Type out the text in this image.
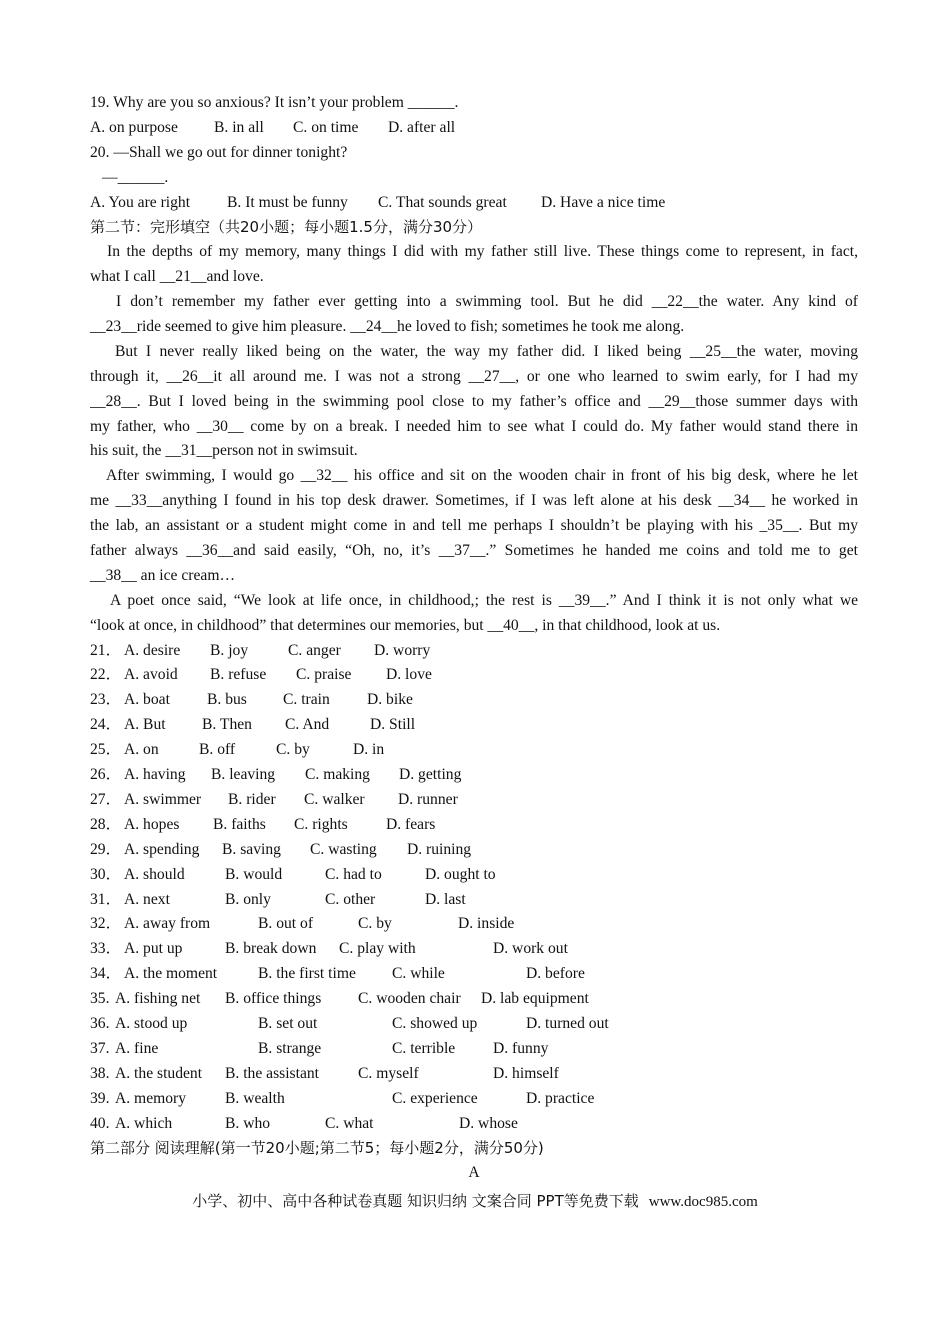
19. Why are you so anxious? It isn’t your problem ______.
A. on purpose B. in all C. on time D. after all
20. —Shall we go out for dinner tonight?
—______.
A. You are right B. It must be funny C. That sounds great D. Have a nice time
第二节：完形填空（共20小题；每小题1.5分，满分30分）
In the depths of my memory, many things I did with my father still live. These things come to represent, in fact,
what I call __21__and love.
I don’t remember my father ever getting into a swimming tool. But he did __22__the water. Any kind of
__23__ride seemed to give him pleasure. __24__he loved to fish; sometimes he took me along.
But I never really liked being on the water, the way my father did. I liked being __25__the water, moving
through it, __26__it all around me. I was not a strong __27__, or one who learned to swim early, for I had my
__28__. But I loved being in the swimming pool close to my father’s office and __29__those summer days with
my father, who __30__ come by on a break. I needed him to see what I could do. My father would stand there in
his suit, the __31__person not in swimsuit.
After swimming, I would go __32__ his office and sit on the wooden chair in front of his big desk, where he let
me __33__anything I found in his top desk drawer. Sometimes, if I was left alone at his desk __34__ he worked in
the lab, an assistant or a student might come in and tell me perhaps I shouldn’t be playing with his _35__. But my
father always __36__and said easily, “Oh, no, it’s __37__.” Sometimes he handed me coins and told me to get
__38__ an ice cream…
A poet once said, “We look at life once, in childhood,; the rest is __39__.” And I think it is not only what we
“look at once, in childhood” that determines our memories, but __40__, in that childhood, look at us.
21． A. desire B. joy	C. anger D. worry
22． A. avoid B. refuse C. praise D. love
23． A. boat B. bus C. train D. bike
24． A. But B. Then C. And	D. Still
25． A. on	B. off	C. by	D. in
26． A. having B. leaving C. making D. getting
27． A. swimmer B. rider C. walker D. runner
28． A. hopes B. faiths C. rights D. fears
29． A. spending B. saving C. wasting D. ruining
30． A. should	B. would	C. had to	D. ought to
31． A. next	B. only	C. other	D. last
32． A. away from	B. out of	C. by	D. inside
33． A. put up	B. break down C. play with	D. work out
34． A. the moment	B. the first time C. while	D. before
35. A. fishing net B. office things C. wooden chair D. lab equipment
36. A. stood up	B. set out	C. showed up	D. turned out
37. A. fine	B. strange	C. terrible D. funny
38. A. the student B. the assistant	C. myself	D. himself
39. A. memory B. wealth	C. experience	D. practice
40. A. which	B. who	C. what	D. whose
第二部分 阅读理解(第一节20小题;第二节5；每小题2分，满分50分)
A
小学、初中、高中各种试卷真题 知识归纳 文案合同 PPT等免费下载 www.doc985.com
